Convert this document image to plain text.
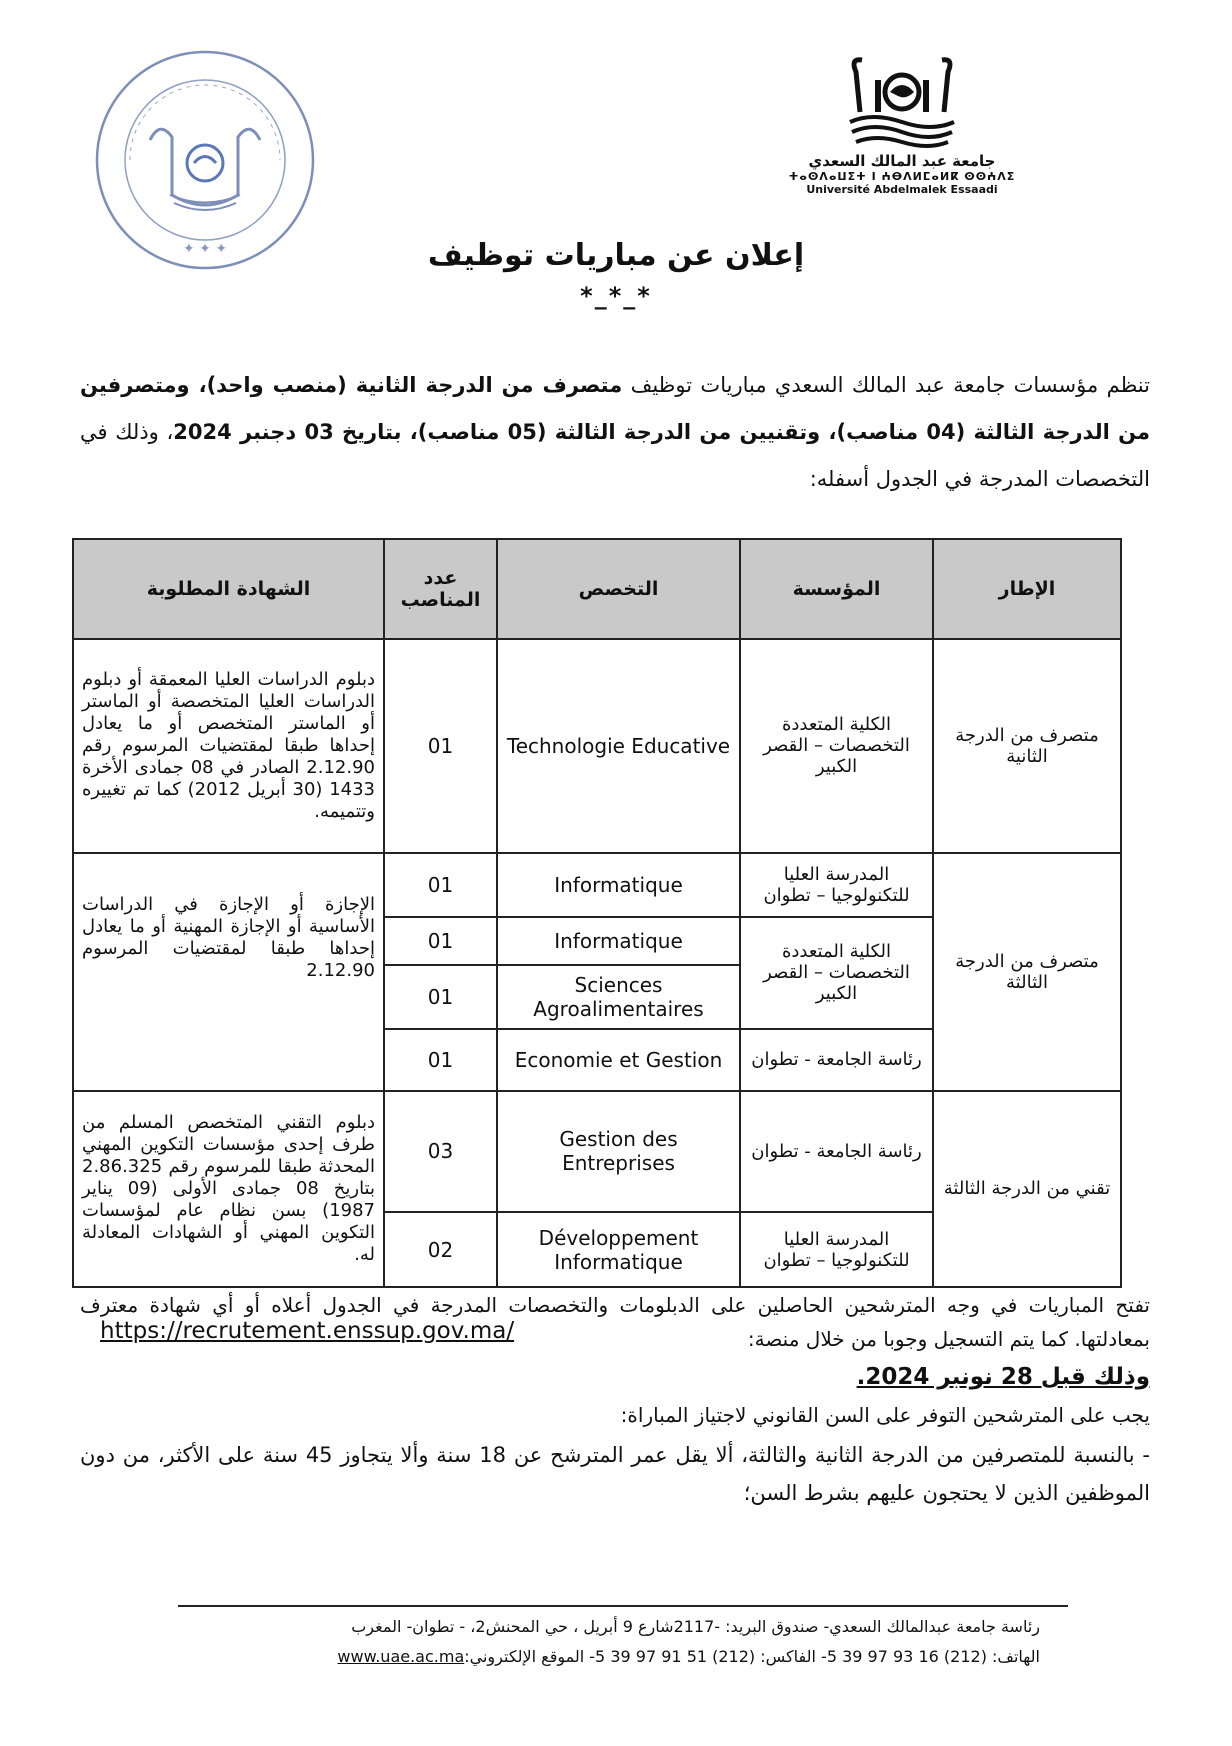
✦ ✦ ✦
جامعة عبد المالك السعدي
ⵜⴰⵙⴷⴰⵡⵉⵜ ⵏ ⵄⴱⴷⵍⵎⴰⵍⴽ ⵙⵙⵄⴷⵉ
Université Abdelmalek Essaadi
إعلان عن مباريات توظيف
*_*_*
تنظم مؤسسات جامعة عبد المالك السعدي مباريات توظيف متصرف من الدرجة الثانية (منصب واحد)، ومتصرفين من الدرجة الثالثة (04 مناصب)، وتقنيين من الدرجة الثالثة (05 مناصب)، بتاريخ 03 دجنبر 2024، وذلك في التخصصات المدرجة في الجدول أسفله:
الإطار	المؤسسة	التخصص	عدد المناصب	الشهادة المطلوبة
متصرف من الدرجة الثانية	الكلية المتعددة التخصصات – القصر الكبير	Technologie Educative	01	دبلوم الدراسات العليا المعمقة أو دبلوم الدراسات العليا المتخصصة أو الماستر أو الماستر المتخصص أو ما يعادل إحداها طبقا لمقتضيات المرسوم رقم 2.12.90 الصادر في 08 جمادى الأخرة 1433 (30 أبريل 2012) كما تم تغييره وتتميمه.
متصرف من الدرجة الثالثة	المدرسة العليا للتكنولوجيا – تطوان	Informatique	01	الإجازة أو الإجازة في الدراسات الأساسية أو الإجازة المهنية أو ما يعادل إحداها طبقا لمقتضيات المرسوم 2.12.90
	الكلية المتعددة التخصصات – القصر الكبير	Informatique	01	
		Sciences Agroalimentaires	01	
	رئاسة الجامعة - تطوان	Economie et Gestion	01	
تقني من الدرجة الثالثة	رئاسة الجامعة - تطوان	Gestion des Entreprises	03	دبلوم التقني المتخصص المسلم من طرف إحدى مؤسسات التكوين المهني المحدثة طبقا للمرسوم رقم 2.86.325 بتاريخ 08 جمادى الأولى (09 يناير 1987) بسن نظام عام لمؤسسات التكوين المهني أو الشهادات المعادلة له.
	المدرسة العليا للتكنولوجيا – تطوان	Développement Informatique	02	
تفتح المباريات في وجه المترشحين الحاصلين على الدبلومات والتخصصات المدرجة في الجدول أعلاه أو أي شهادة معترف بمعادلتها. كما يتم التسجيل وجوبا من خلال منصة:
https://recrutement.enssup.gov.ma/
وذلك قبل 28 نونبر 2024.
يجب على المترشحين التوفر على السن القانوني لاجتياز المباراة:
- بالنسبة للمتصرفين من الدرجة الثانية والثالثة، ألا يقل عمر المترشح عن 18 سنة وألا يتجاوز 45 سنة على الأكثر، من دون الموظفين الذين لا يحتجون عليهم بشرط السن؛
رئاسة جامعة عبدالمالك السعدي- صندوق البريد: -2117شارع 9 أبريل ، حي المحنش2، - تطوان- المغرب
الهاتف: (212) 16 93 97 39 5- الفاكس: (212) 51 91 97 39 5- الموقع الإلكتروني:www.uae.ac.ma
